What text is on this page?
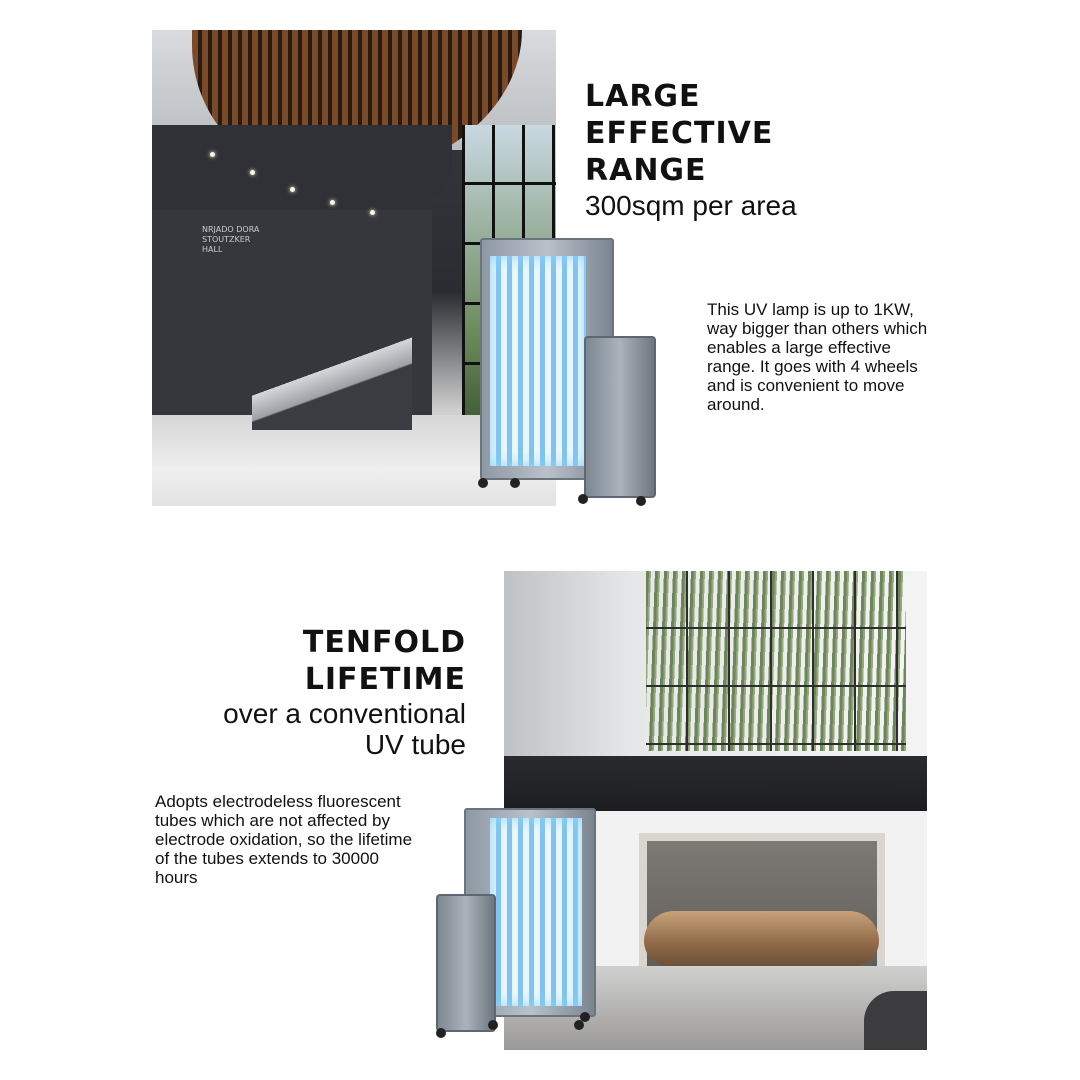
NRJADO DORA STOUTZKER HALL
LARGE
EFFECTIVE
RANGE
300sqm per area
This UV lamp is up to 1KW, way bigger than others which enables a large effective range. It goes with 4 wheels and is convenient to move around.
TENFOLD
LIFETIME
over a conventional
UV tube
Adopts electrodeless fluorescent tubes which are not affected by electrode oxidation, so the lifetime of the tubes extends to 30000 hours
